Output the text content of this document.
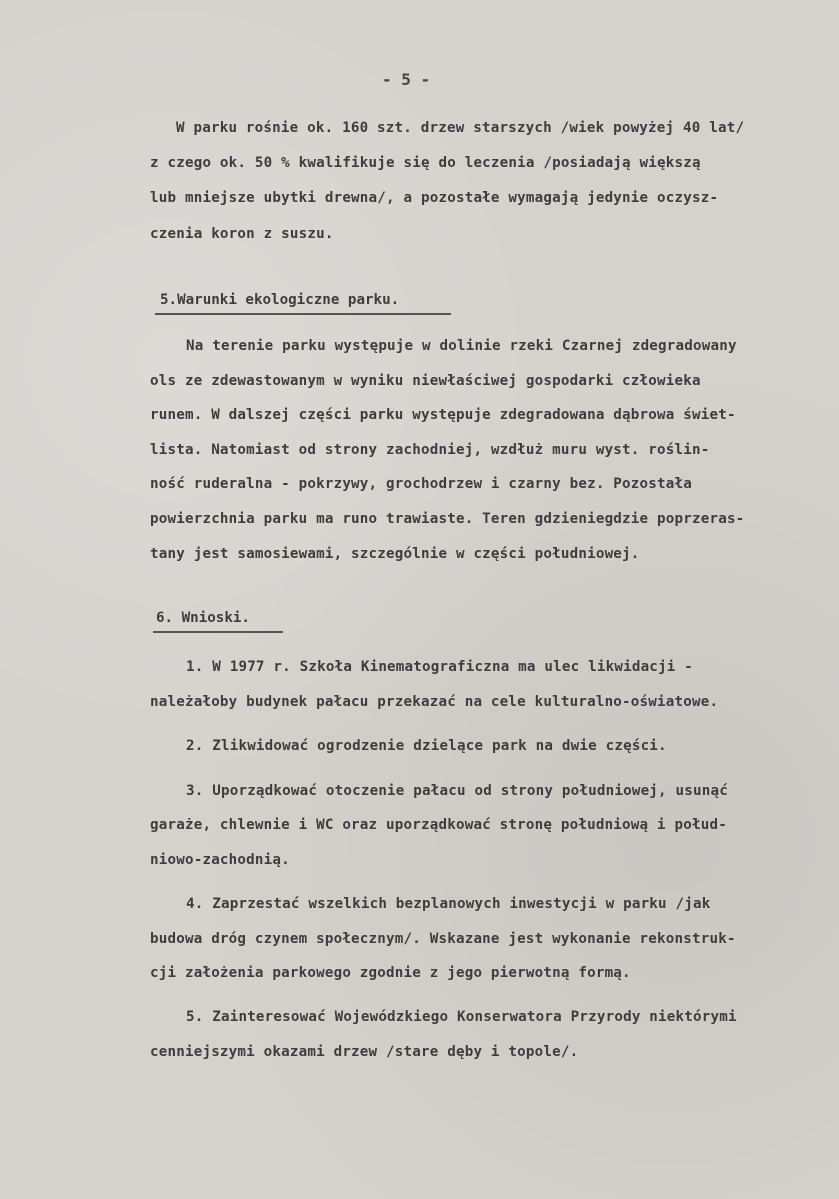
- 5 -
W parku rośnie ok. 160 szt. drzew starszych /wiek powyżej 40 lat/
z czego ok. 50 % kwalifikuje się do leczenia /posiadają większą
lub mniejsze ubytki drewna/, a pozostałe wymagają jedynie oczysz-
czenia koron z suszu.
5.Warunki ekologiczne parku.
Na terenie parku występuje w dolinie rzeki Czarnej zdegradowany
ols ze zdewastowanym w wyniku niewłaściwej gospodarki człowieka
runem. W dalszej części parku występuje zdegradowana dąbrowa świet-
lista. Natomiast od strony zachodniej, wzdłuż muru wyst. roślin-
ność ruderalna - pokrzywy, grochodrzew i czarny bez. Pozostała
powierzchnia parku ma runo trawiaste. Teren gdzieniegdzie poprzeras-
tany jest samosiewami, szczególnie w części południowej.
6. Wnioski.
1. W 1977 r. Szkoła Kinematograficzna ma ulec likwidacji -
należałoby budynek pałacu przekazać na cele kulturalno-oświatowe.
2. Zlikwidować ogrodzenie dzielące park na dwie części.
3. Uporządkować otoczenie pałacu od strony południowej, usunąć
garaże, chlewnie i WC oraz uporządkować stronę południową i połud-
niowo-zachodnią.
4. Zaprzestać wszelkich bezplanowych inwestycji w parku /jak
budowa dróg czynem społecznym/. Wskazane jest wykonanie rekonstruk-
cji założenia parkowego zgodnie z jego pierwotną formą.
5. Zainteresować Wojewódzkiego Konserwatora Przyrody niektórymi
cenniejszymi okazami drzew /stare dęby i topole/.
